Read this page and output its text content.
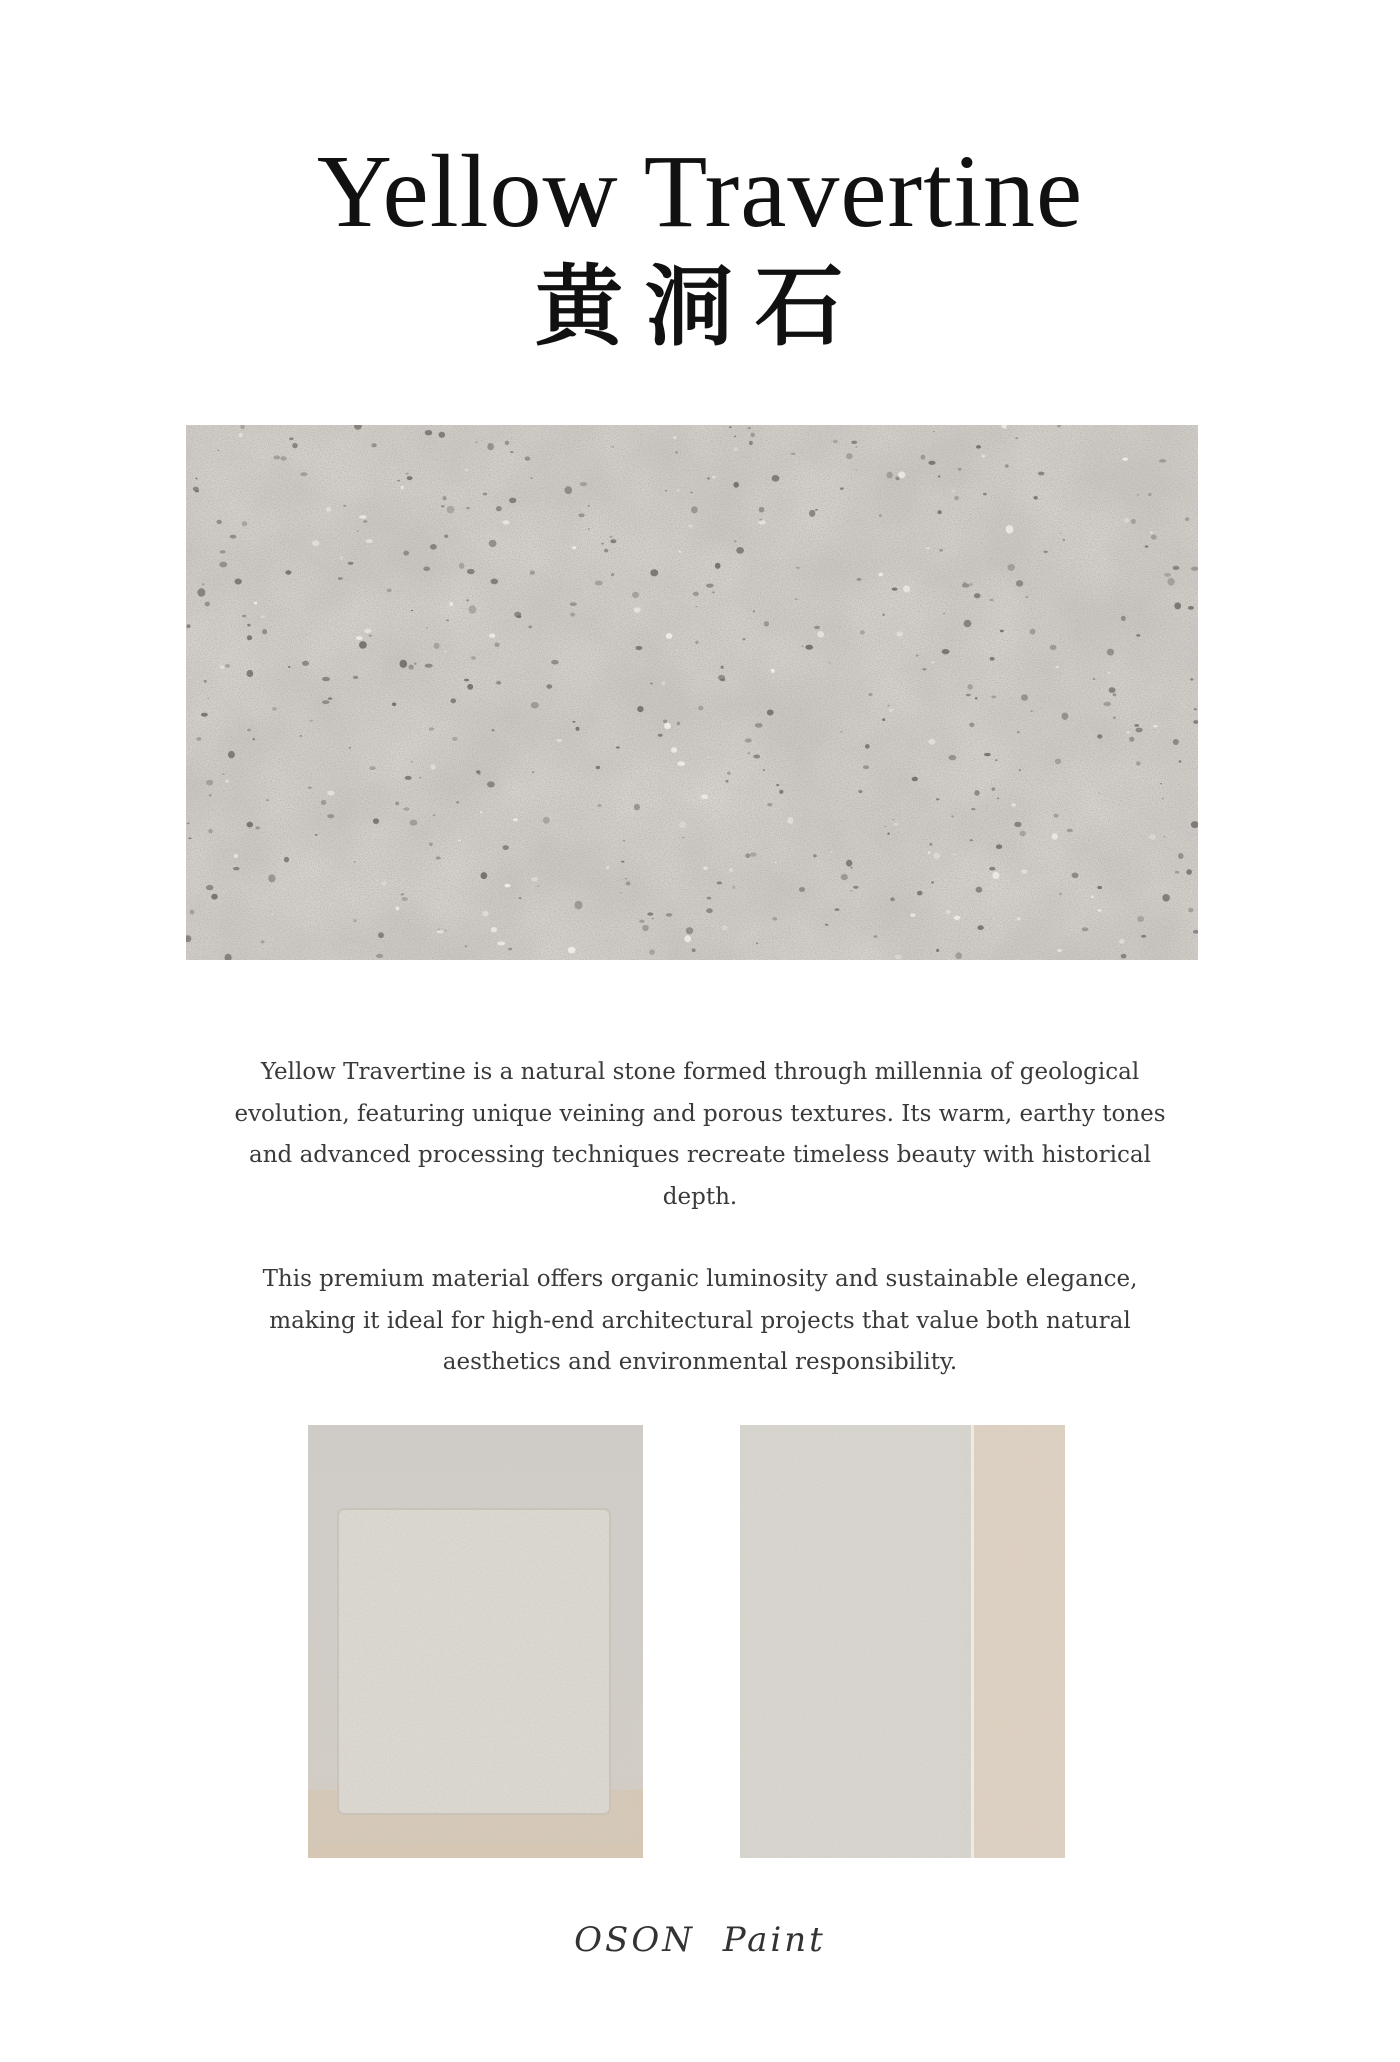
Yellow Travertine
黄洞石

Yellow Travertine is a natural stone formed through millennia of geological evolution, featuring unique veining and porous textures. Its warm, earthy tones and advanced processing techniques recreate timeless beauty with historical depth.

This premium material offers organic luminosity and sustainable elegance, making it ideal for high-end architectural projects that value both natural aesthetics and environmental responsibility.

OSON Paint
